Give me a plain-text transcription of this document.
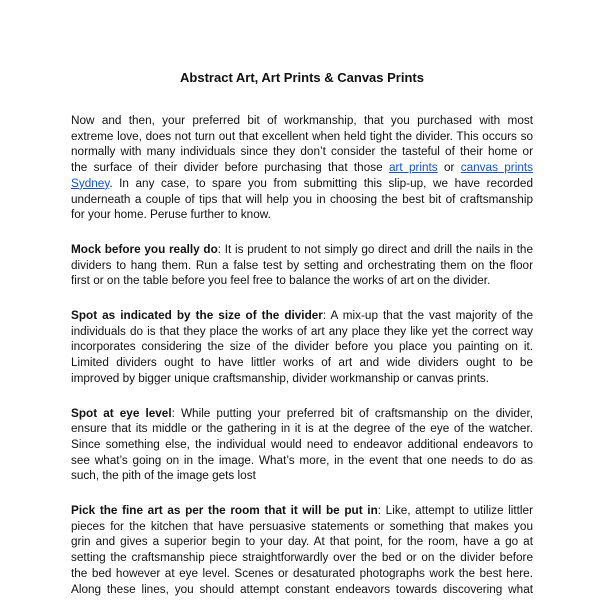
Abstract Art, Art Prints & Canvas Prints
Now and then, your preferred bit of workmanship, that you purchased with most
extreme love, does not turn out that excellent when held tight the divider. This occurs so
normally with many individuals since they don’t consider the tasteful of their home or
the surface of their divider before purchasing that those art prints or canvas prints
Sydney. In any case, to spare you from submitting this slip-up, we have recorded
underneath a couple of tips that will help you in choosing the best bit of craftsmanship
for your home. Peruse further to know.
Mock before you really do: It is prudent to not simply go direct and drill the nails in the
dividers to hang them. Run a false test by setting and orchestrating them on the floor
first or on the table before you feel free to balance the works of art on the divider.
Spot as indicated by the size of the divider: A mix-up that the vast majority of the
individuals do is that they place the works of art any place they like yet the correct way
incorporates considering the size of the divider before you place you painting on it.
Limited dividers ought to have littler works of art and wide dividers ought to be
improved by bigger unique craftsmanship, divider workmanship or canvas prints.
Spot at eye level: While putting your preferred bit of craftsmanship on the divider,
ensure that its middle or the gathering in it is at the degree of the eye of the watcher.
Since something else, the individual would need to endeavor additional endeavors to
see what’s going on in the image. What’s more, in the event that one needs to do as
such, the pith of the image gets lost
Pick the fine art as per the room that it will be put in: Like, attempt to utilize littler
pieces for the kitchen that have persuasive statements or something that makes you
grin and gives a superior begin to your day. At that point, for the room, have a go at
setting the craftsmanship piece straightforwardly over the bed or on the divider before
the bed however at eye level. Scenes or desaturated photographs work the best here.
Along these lines, you should attempt constant endeavors towards discovering what
